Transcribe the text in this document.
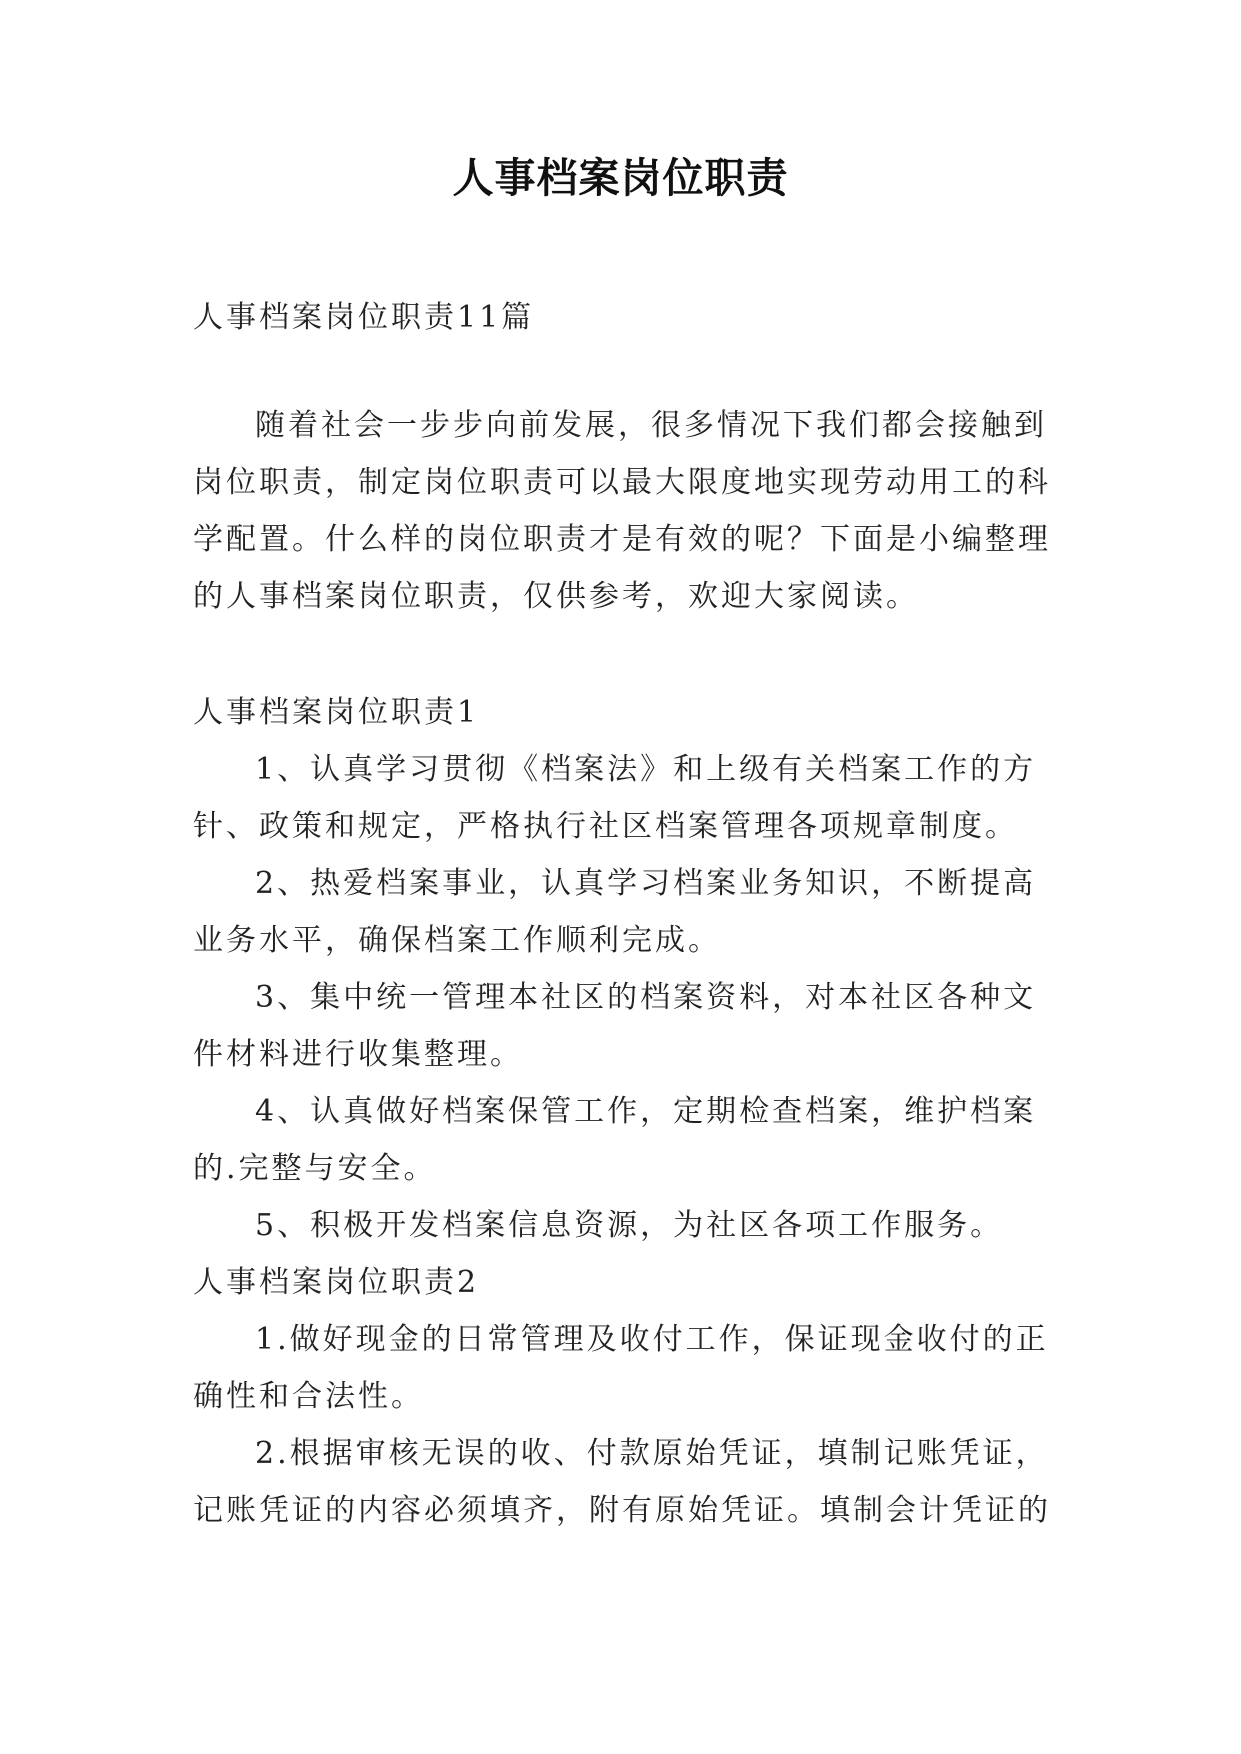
人事档案岗位职责
人事档案岗位职责11篇
随着社会一步步向前发展，很多情况下我们都会接触到
岗位职责，制定岗位职责可以最大限度地实现劳动用工的科
学配置。什么样的岗位职责才是有效的呢？下面是小编整理
的人事档案岗位职责，仅供参考，欢迎大家阅读。
人事档案岗位职责1
1、认真学习贯彻《档案法》和上级有关档案工作的方
针、政策和规定，严格执行社区档案管理各项规章制度。
2、热爱档案事业，认真学习档案业务知识，不断提高
业务水平，确保档案工作顺利完成。
3、集中统一管理本社区的档案资料，对本社区各种文
件材料进行收集整理。
4、认真做好档案保管工作，定期检查档案，维护档案
的.完整与安全。
5、积极开发档案信息资源，为社区各项工作服务。
人事档案岗位职责2
1.做好现金的日常管理及收付工作，保证现金收付的正
确性和合法性。
2.根据审核无误的收、付款原始凭证，填制记账凭证，
记账凭证的内容必须填齐，附有原始凭证。填制会计凭证的
